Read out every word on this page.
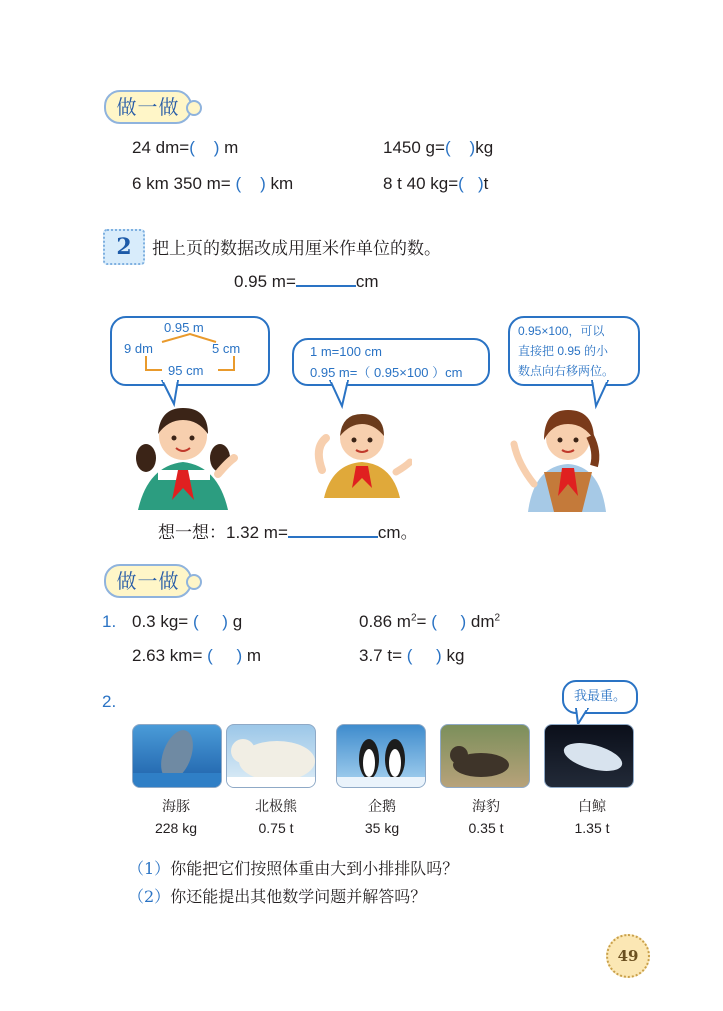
做一做
24 dm=( ) m	1450 g=( )kg
6 km 350 m= ( ) km	8 t 40 kg=( )t
2	把上页的数据改成用厘米作单位的数。
0.95 m=	cm
0.95 m
9 dm	5 cm
95 cm
1 m=100 cm
0.95 m=（ 0.95×100 ）cm
0.95×100，可以
直接把 0.95 的小
数点向右移两位。
想一想：1.32 m=	cm。
做一做
1. 0.3 kg= ( ) g	0.86 $m^2=$ ( ) $dm^2$
2.63 km= ( ) m	3.7 t= ( ) kg
2.	我最重。
海豚	北极熊	企鹅	海豹	白鲸
228 kg	0.75 t	35 kg	0.35 t	1.35 t
（1）你能把它们按照体重由大到小排排队吗？
（2）你还能提出其他数学问题并解答吗？
49
